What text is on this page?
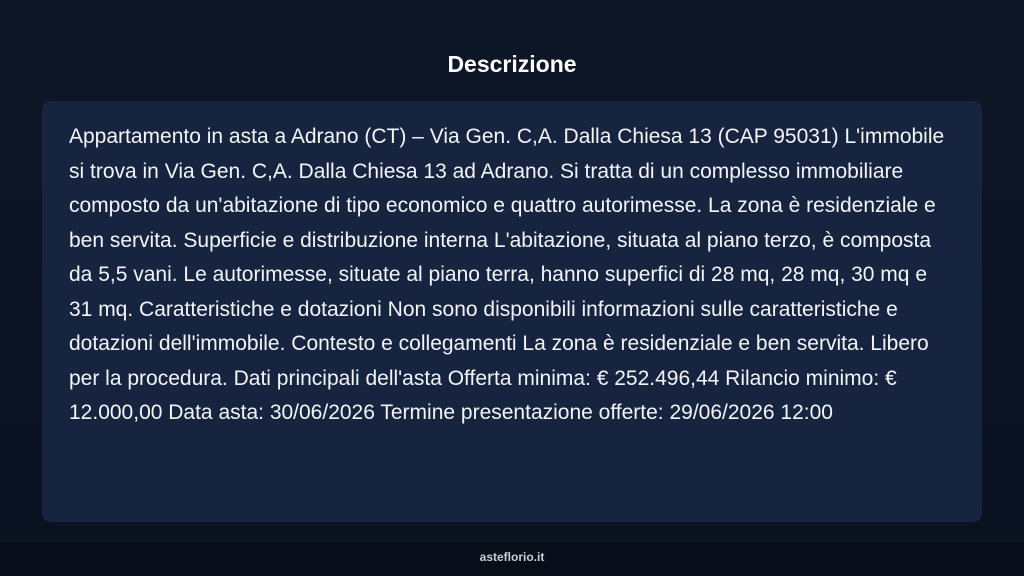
Descrizione

Appartamento in asta a Adrano (CT) – Via Gen. C,A. Dalla Chiesa 13 (CAP 95031) L'immobile si trova in Via Gen. C,A. Dalla Chiesa 13 ad Adrano. Si tratta di un complesso immobiliare composto da un'abitazione di tipo economico e quattro autorimesse. La zona è residenziale e ben servita. Superficie e distribuzione interna L'abitazione, situata al piano terzo, è composta da 5,5 vani. Le autorimesse, situate al piano terra, hanno superfici di 28 mq, 28 mq, 30 mq e 31 mq. Caratteristiche e dotazioni Non sono disponibili informazioni sulle caratteristiche e dotazioni dell'immobile. Contesto e collegamenti La zona è residenziale e ben servita. Libero per la procedura. Dati principali dell'asta Offerta minima: € 252.496,44 Rilancio minimo: € 12.000,00 Data asta: 30/06/2026 Termine presentazione offerte: 29/06/2026 12:00

asteflorio.it
